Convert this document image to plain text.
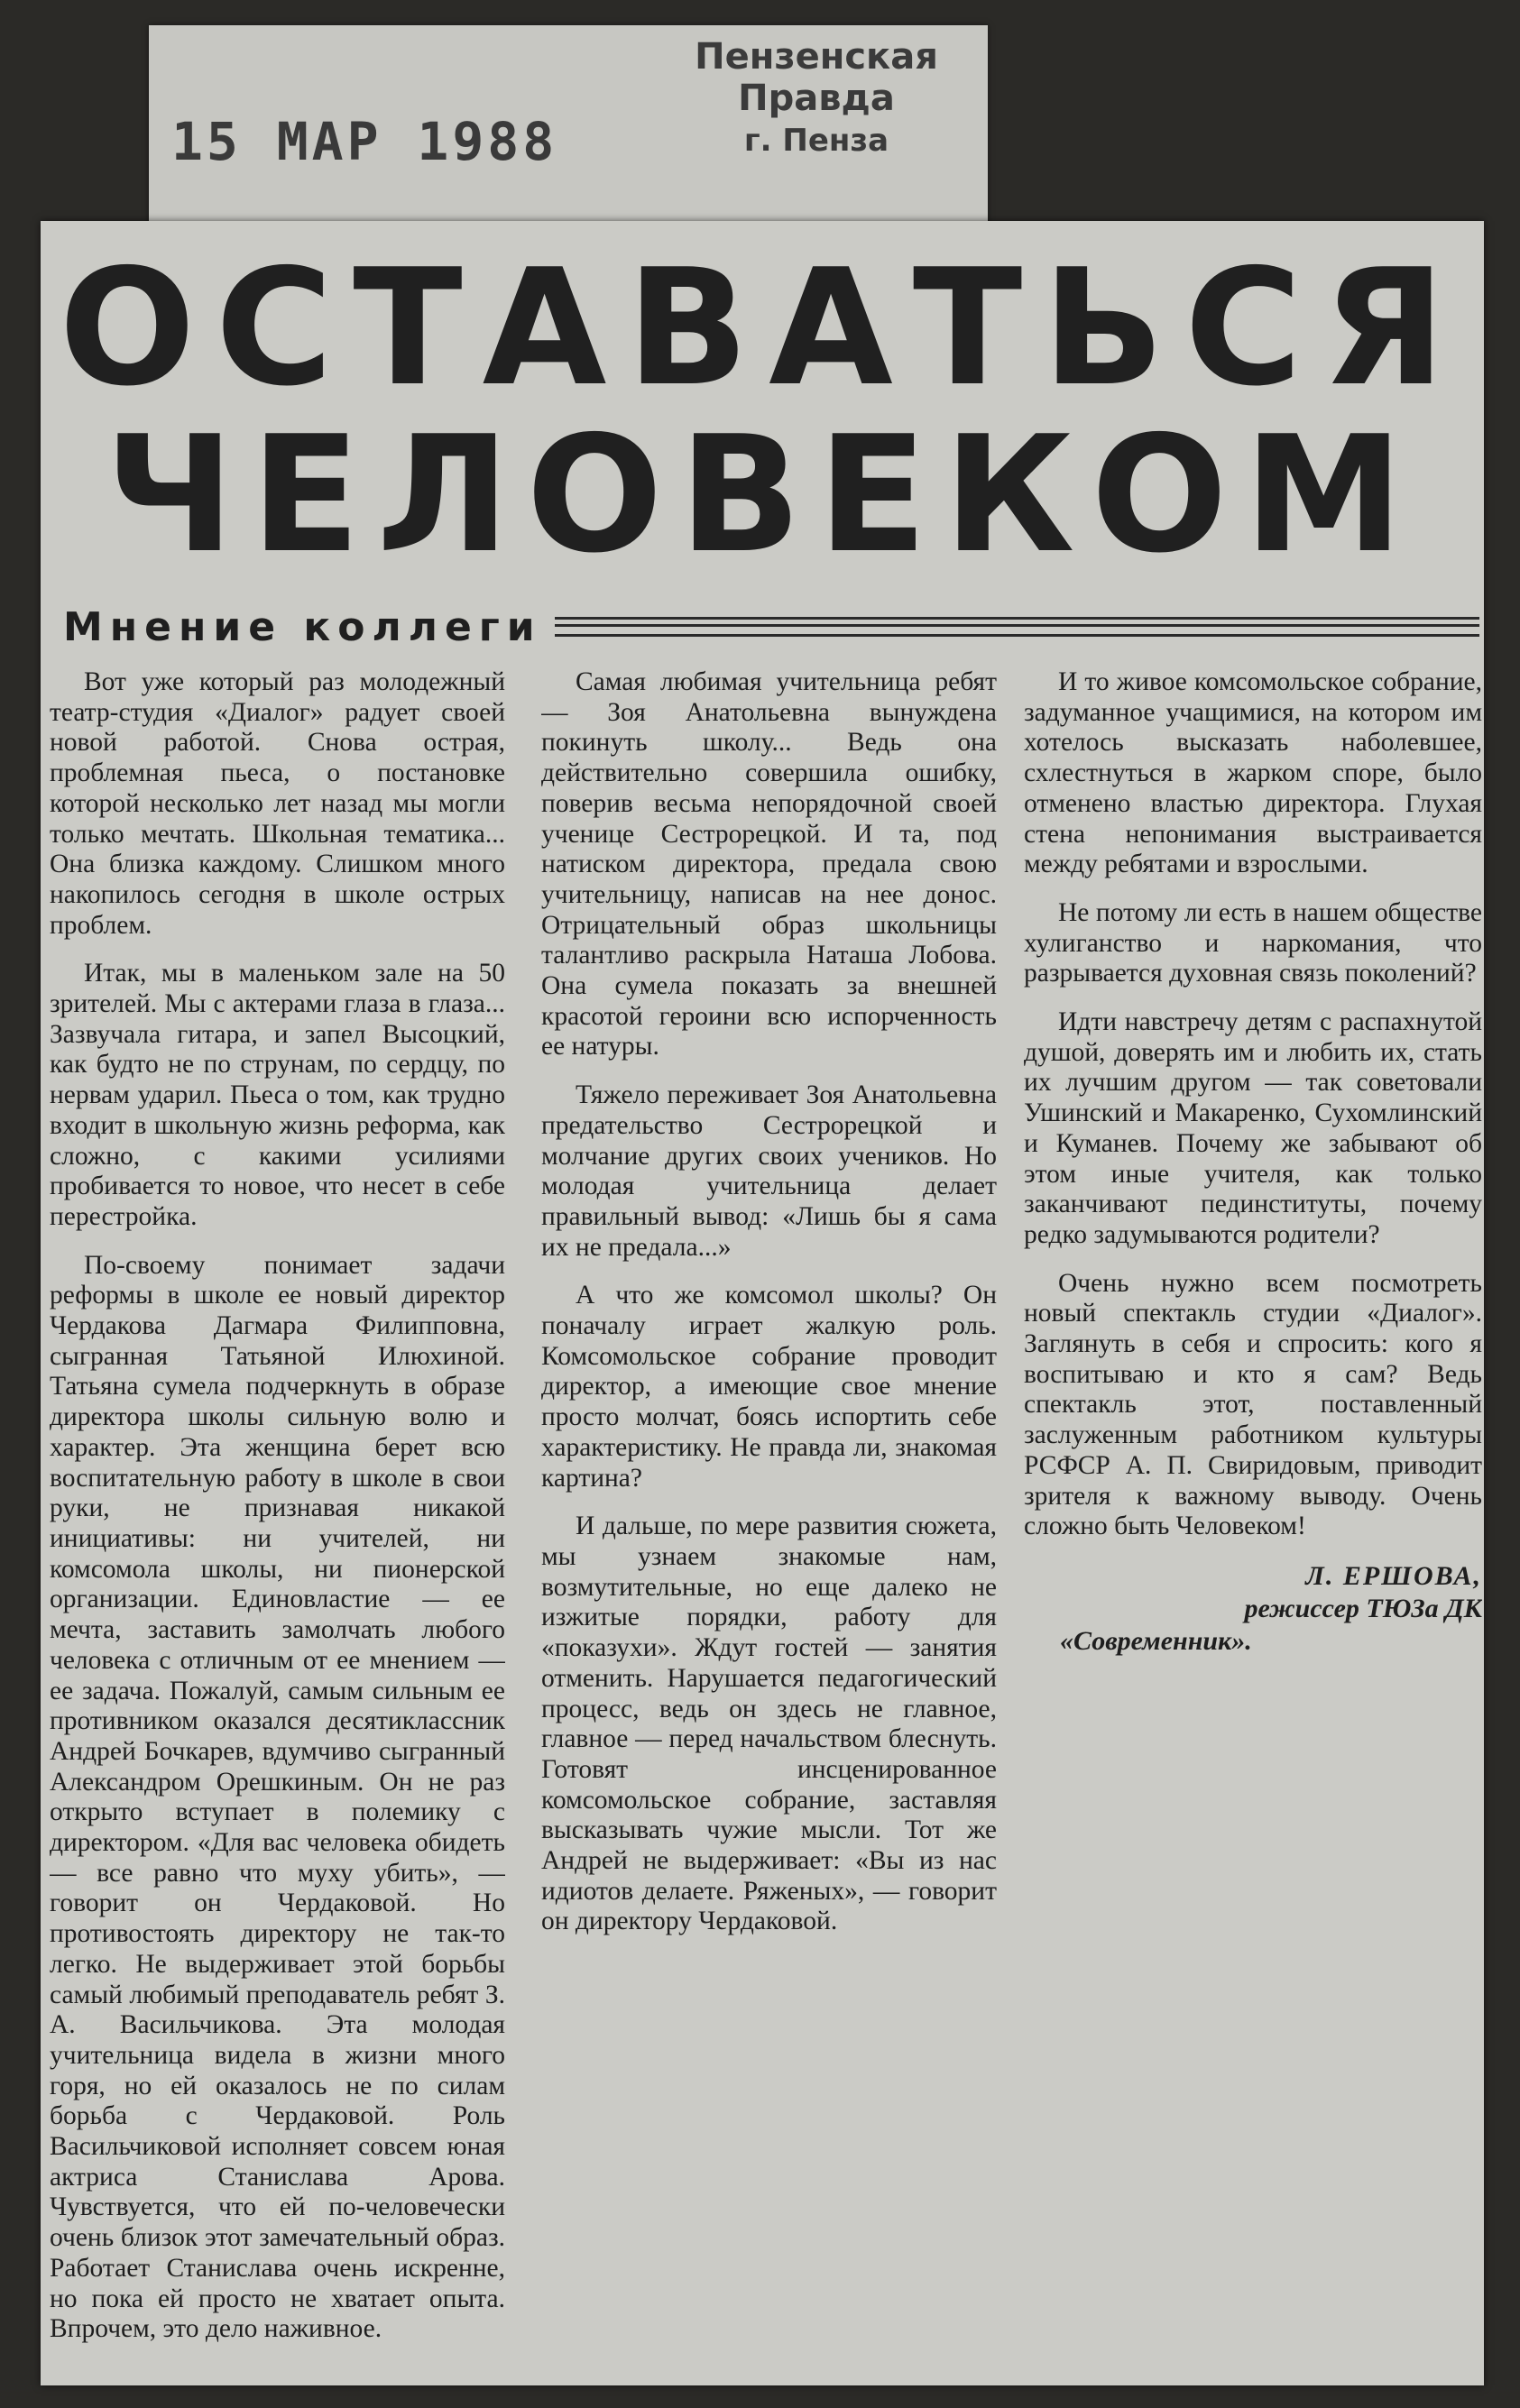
15 МАР 1988
Пензенская Правда
г. Пенза
ОСТАВАТЬСЯ
ЧЕЛОВЕКОМ
Мнение коллеги

Вот уже который раз молодежный театр-студия «Диалог» радует своей новой работой. Снова острая, проблемная пьеса, о постановке которой несколько лет назад мы могли только мечтать. Школьная тематика... Она близка каждому. Слишком много накопилось сегодня в школе острых проблем.

Итак, мы в маленьком зале на 50 зрителей. Мы с актерами глаза в глаза... Зазвучала гитара, и запел Высоцкий, как будто не по струнам, по сердцу, по нервам ударил. Пьеса о том, как трудно входит в школьную жизнь реформа, как сложно, с какими усилиями пробивается то новое, что несет в себе перестройка.

По-своему понимает задачи реформы в школе ее новый директор Чердакова Дагмара Филипповна, сыгранная Татьяной Илюхиной. Татьяна сумела подчеркнуть в образе директора школы сильную волю и характер. Эта женщина берет всю воспитательную работу в школе в свои руки, не признавая никакой инициативы: ни учителей, ни комсомола школы, ни пионерской организации. Единовластие — ее мечта, заставить замолчать любого человека с отличным от ее мнением — ее задача. Пожалуй, самым сильным ее противником оказался десятиклассник Андрей Бочкарев, вдумчиво сыгранный Александром Орешкиным. Он не раз открыто вступает в полемику с директором. «Для вас человека обидеть — все равно что муху убить», — говорит он Чердаковой. Но противостоять директору не так-то легко. Не выдерживает этой борьбы самый любимый преподаватель ребят З. А. Васильчикова. Эта молодая учительница видела в жизни много горя, но ей оказалось не по силам борьба с Чердаковой. Роль Васильчиковой исполняет совсем юная актриса Станислава Арова. Чувствуется, что ей по-человечески очень близок этот замечательный образ. Работает Станислава очень искренне, но пока ей просто не хватает опыта. Впрочем, это дело наживное.

Самая любимая учительница ребят — Зоя Анатольевна вынуждена покинуть школу... Ведь она действительно совершила ошибку, поверив весьма непорядочной своей ученице Сестрорецкой. И та, под натиском директора, предала свою учительницу, написав на нее донос. Отрицательный образ школьницы талантливо раскрыла Наташа Лобова. Она сумела показать за внешней красотой героини всю испорченность ее натуры.

Тяжело переживает Зоя Анатольевна предательство Сестрорецкой и молчание других своих учеников. Но молодая учительница делает правильный вывод: «Лишь бы я сама их не предала...»

А что же комсомол школы? Он поначалу играет жалкую роль. Комсомольское собрание проводит директор, а имеющие свое мнение просто молчат, боясь испортить себе характеристику. Не правда ли, знакомая картина?

И дальше, по мере развития сюжета, мы узнаем знакомые нам, возмутительные, но еще далеко не изжитые порядки, работу для «показухи». Ждут гостей — занятия отменить. Нарушается педагогический процесс, ведь он здесь не главное, главное — перед начальством блеснуть. Готовят инсценированное комсомольское собрание, заставляя высказывать чужие мысли. Тот же Андрей не выдерживает: «Вы из нас идиотов делаете. Ряженых», — говорит он директору Чердаковой.

И то живое комсомольское собрание, задуманное учащимися, на котором им хотелось высказать наболевшее, схлестнуться в жарком споре, было отменено властью директора. Глухая стена непонимания выстраивается между ребятами и взрослыми.

Не потому ли есть в нашем обществе хулиганство и наркомания, что разрывается духовная связь поколений?

Идти навстречу детям с распахнутой душой, доверять им и любить их, стать их лучшим другом — так советовали Ушинский и Макаренко, Сухомлинский и Куманев. Почему же забывают об этом иные учителя, как только заканчивают пединституты, почему редко задумываются родители?

Очень нужно всем посмотреть новый спектакль студии «Диалог». Заглянуть в себя и спросить: кого я воспитываю и кто я сам? Ведь спектакль этот, поставленный заслуженным работником культуры РСФСР А. П. Свиридовым, приводит зрителя к важному выводу. Очень сложно быть Человеком!

Л. ЕРШОВА,
режиссер ТЮЗа ДК
«Современник».
